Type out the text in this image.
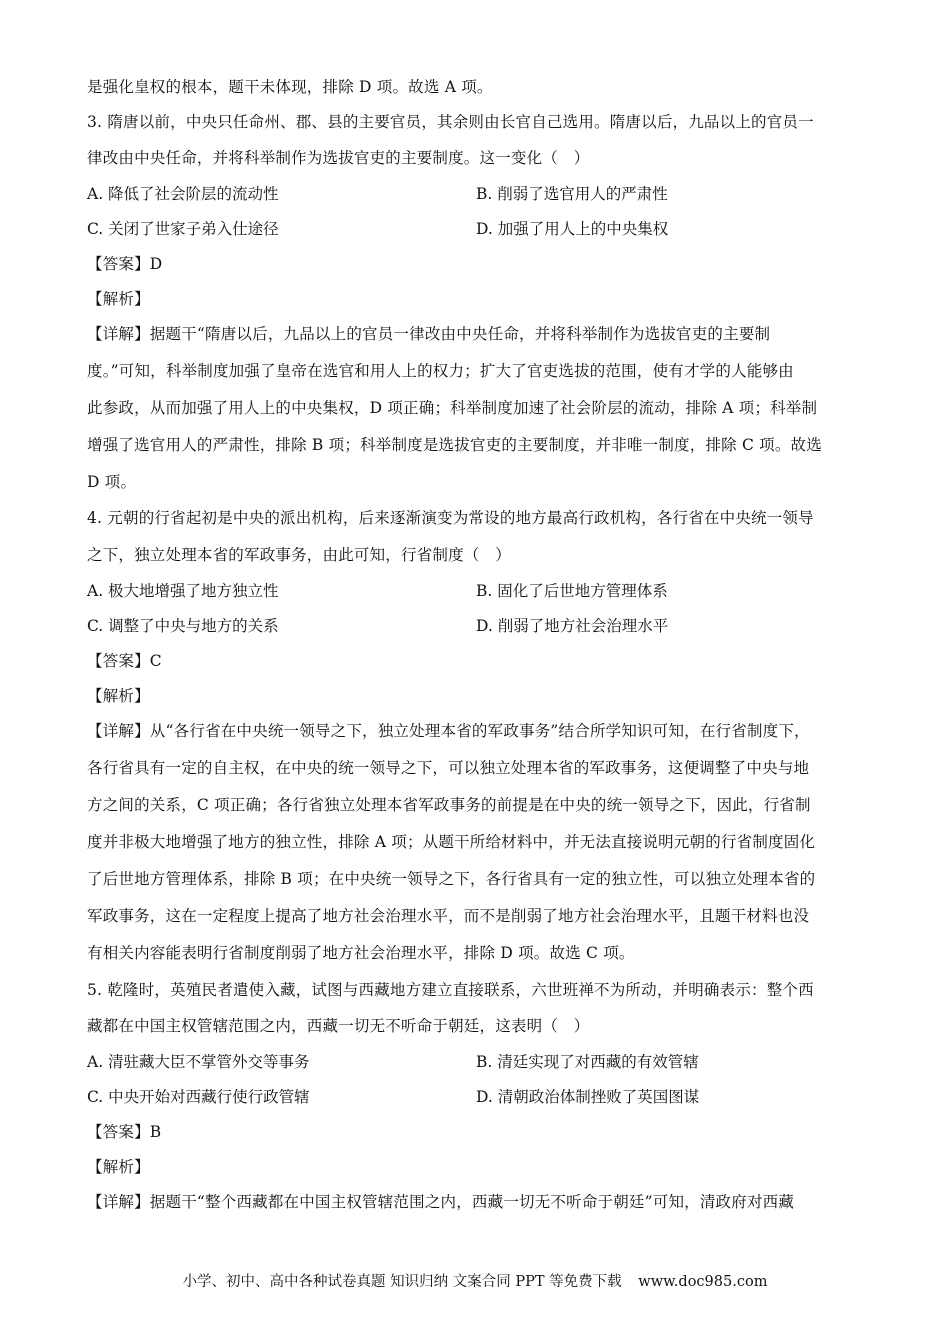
是强化皇权的根本，题干未体现，排除 D 项。故选 A 项。
3. 隋唐以前，中央只任命州、郡、县的主要官员，其余则由长官自己选用。隋唐以后，九品以上的官员一
律改由中央任命，并将科举制作为选拔官吏的主要制度。这一变化（　）
A. 降低了社会阶层的流动性	B. 削弱了选官用人的严肃性
C. 关闭了世家子弟入仕途径	D. 加强了用人上的中央集权
【答案】D
【解析】
【详解】据题干“隋唐以后，九品以上的官员一律改由中央任命，并将科举制作为选拔官吏的主要制
度。”可知，科举制度加强了皇帝在选官和用人上的权力；扩大了官吏选拔的范围，使有才学的人能够由
此参政，从而加强了用人上的中央集权，D 项正确；科举制度加速了社会阶层的流动，排除 A 项；科举制
增强了选官用人的严肃性，排除 B 项；科举制度是选拔官吏的主要制度，并非唯一制度，排除 C 项。故选
D 项。
4. 元朝的行省起初是中央的派出机构，后来逐渐演变为常设的地方最高行政机构，各行省在中央统一领导
之下，独立处理本省的军政事务，由此可知，行省制度（　）
A. 极大地增强了地方独立性	B. 固化了后世地方管理体系
C. 调整了中央与地方的关系	D. 削弱了地方社会治理水平
【答案】C
【解析】
【详解】从“各行省在中央统一领导之下，独立处理本省的军政事务”结合所学知识可知，在行省制度下，
各行省具有一定的自主权，在中央的统一领导之下，可以独立处理本省的军政事务，这便调整了中央与地
方之间的关系，C 项正确；各行省独立处理本省军政事务的前提是在中央的统一领导之下，因此，行省制
度并非极大地增强了地方的独立性，排除 A 项；从题干所给材料中，并无法直接说明元朝的行省制度固化
了后世地方管理体系，排除 B 项；在中央统一领导之下，各行省具有一定的独立性，可以独立处理本省的
军政事务，这在一定程度上提高了地方社会治理水平，而不是削弱了地方社会治理水平，且题干材料也没
有相关内容能表明行省制度削弱了地方社会治理水平，排除 D 项。故选 C 项。
5. 乾隆时，英殖民者遣使入藏，试图与西藏地方建立直接联系，六世班禅不为所动，并明确表示：整个西
藏都在中国主权管辖范围之内，西藏一切无不听命于朝廷，这表明（　）
A. 清驻藏大臣不掌管外交等事务	B. 清廷实现了对西藏的有效管辖
C. 中央开始对西藏行使行政管辖	D. 清朝政治体制挫败了英国图谋
【答案】B
【解析】
【详解】据题干“整个西藏都在中国主权管辖范围之内，西藏一切无不听命于朝廷”可知，清政府对西藏
小学、初中、高中各种试卷真题 知识归纳 文案合同 PPT 等免费下载 www.doc985.com
